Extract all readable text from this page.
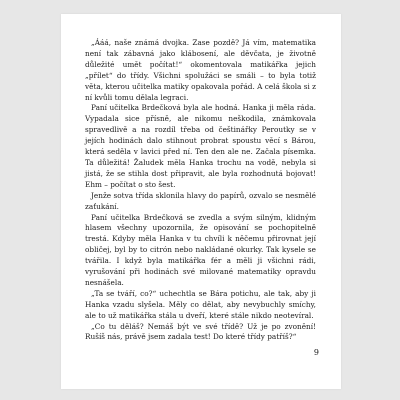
„Ááá, naše známá dvojka. Zase pozdě? Já vím, matematika není tak zábavná jako klábosení, ale děvčata, je životně důležité umět počítat!“ okomentovala matikářka jejich „přílet“ do třídy. Všichni spolužáci se smáli – to byla totiž věta, kterou učitelka matiky opakovala pořád. A celá škola si z ní kvůli tomu dělala legraci.

Paní učitelka Brdečková byla ale hodná. Hanka ji měla ráda. Vypadala sice přísně, ale nikomu neškodila, známkovala spravedlivě a na rozdíl třeba od češtinářky Peroutky se v jejích hodinách dalo stihnout probrat spoustu věcí s Bárou, která seděla v lavici před ní. Ten den ale ne. Začala písemka. Ta důležitá! Žaludek měla Hanka trochu na vodě, nebyla si jistá, že se stihla dost připravit, ale byla rozhodnutá bojovat! Ehm – počítat o sto šest.

Jenže sotva třída sklonila hlavy do papírů, ozvalo se nesmělé zaťukání.

Paní učitelka Brdečková se zvedla a svým silným, klidným hlasem všechny upozornila, že opisování se pochopitelně trestá. Kdyby měla Hanka v tu chvíli k něčemu přirovnat její obličej, byl by to citrón nebo nakládané okurky. Tak kysele se tvářila. I když byla matikářka fér a měli ji všichni rádi, vyrušování při hodinách své milované matematiky opravdu nesnášela.

„Ta se tváří, co?“ uchechtla se Bára potichu, ale tak, aby ji Hanka vzadu slyšela. Měly co dělat, aby nevybuchly smíchy, ale to už matikářka stála u dveří, které stále nikdo neotevíral.

„Co tu děláš? Nemáš být ve své třídě? Už je po zvonění! Rušíš nás, právě jsem zadala test! Do které třídy patříš?“

9
